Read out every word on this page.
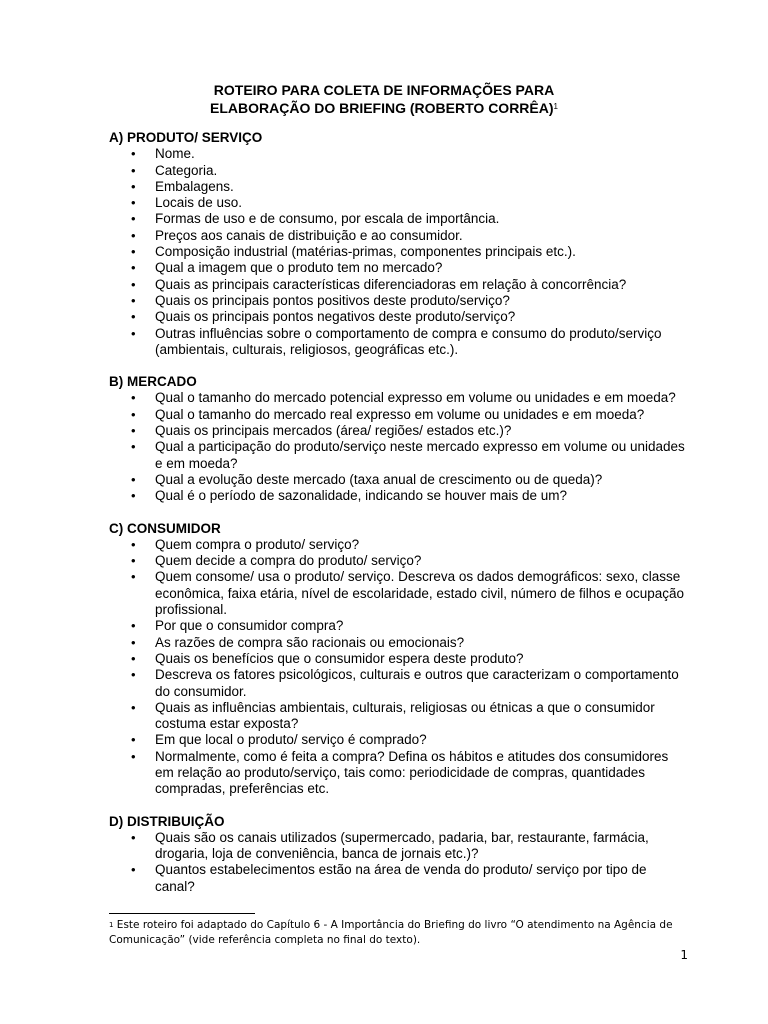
ROTEIRO PARA COLETA DE INFORMAÇÕES PARA
ELABORAÇÃO DO BRIEFING (ROBERTO CORRÊA)$^1$
A) PRODUTO/ SERVIÇO
• Nome.
• Categoria.
• Embalagens.
• Locais de uso.
• Formas de uso e de consumo, por escala de importância.
• Preços aos canais de distribuição e ao consumidor.
• Composição industrial (matérias-primas, componentes principais etc.).
• Qual a imagem que o produto tem no mercado?
• Quais as principais características diferenciadoras em relação à concorrência?
• Quais os principais pontos positivos deste produto/serviço?
• Quais os principais pontos negativos deste produto/serviço?
• Outras influências sobre o comportamento de compra e consumo do produto/serviço (ambientais, culturais, religiosos, geográficas etc.).
B) MERCADO
• Qual o tamanho do mercado potencial expresso em volume ou unidades e em moeda?
• Qual o tamanho do mercado real expresso em volume ou unidades e em moeda?
• Quais os principais mercados (área/ regiões/ estados etc.)?
• Qual a participação do produto/serviço neste mercado expresso em volume ou unidades e em moeda?
• Qual a evolução deste mercado (taxa anual de crescimento ou de queda)?
• Qual é o período de sazonalidade, indicando se houver mais de um?
C) CONSUMIDOR
• Quem compra o produto/ serviço?
• Quem decide a compra do produto/ serviço?
• Quem consome/ usa o produto/ serviço. Descreva os dados demográficos: sexo, classe econômica, faixa etária, nível de escolaridade, estado civil, número de filhos e ocupação profissional.
• Por que o consumidor compra?
• As razões de compra são racionais ou emocionais?
• Quais os benefícios que o consumidor espera deste produto?
• Descreva os fatores psicológicos, culturais e outros que caracterizam o comportamento do consumidor.
• Quais as influências ambientais, culturais, religiosas ou étnicas a que o consumidor costuma estar exposta?
• Em que local o produto/ serviço é comprado?
• Normalmente, como é feita a compra? Defina os hábitos e atitudes dos consumidores em relação ao produto/serviço, tais como: periodicidade de compras, quantidades compradas, preferências etc.
D) DISTRIBUIÇÃO
• Quais são os canais utilizados (supermercado, padaria, bar, restaurante, farmácia, drogaria, loja de conveniência, banca de jornais etc.)?
• Quantos estabelecimentos estão na área de venda do produto/ serviço por tipo de canal?
$^1$ Este roteiro foi adaptado do Capítulo 6 - A Importância do Briefing do livro “O atendimento na Agência de Comunicação” (vide referência completa no final do texto).
1
